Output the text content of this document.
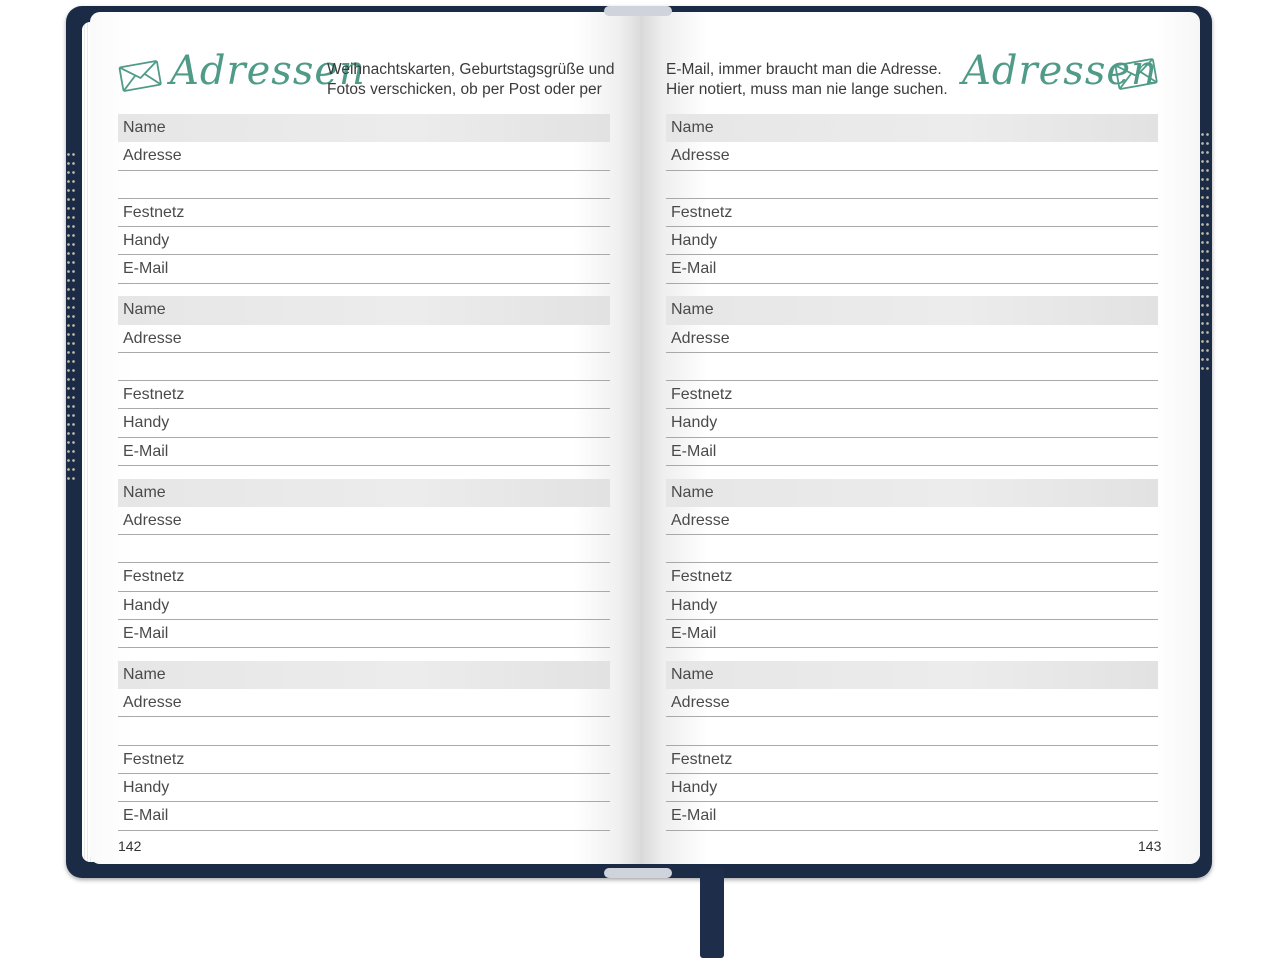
Adressen
Weihnachtskarten, Geburtstagsgrüße und
Fotos verschicken, ob per Post oder per
E-Mail, immer braucht man die Adresse.
Hier notiert, muss man nie lange suchen. Adressen
Name
Adresse
Festnetz
Handy
E-Mail
Name
Adresse
Festnetz
Handy
E-Mail
Name
Adresse
Festnetz
Handy
E-Mail
Name
Adresse
Festnetz
Handy
E-Mail
Name
Adresse
Festnetz
Handy
E-Mail
Name
Adresse
Festnetz
Handy
E-Mail
Name
Adresse
Festnetz
Handy
E-Mail
Name
Adresse
Festnetz
Handy
E-Mail
142	143
